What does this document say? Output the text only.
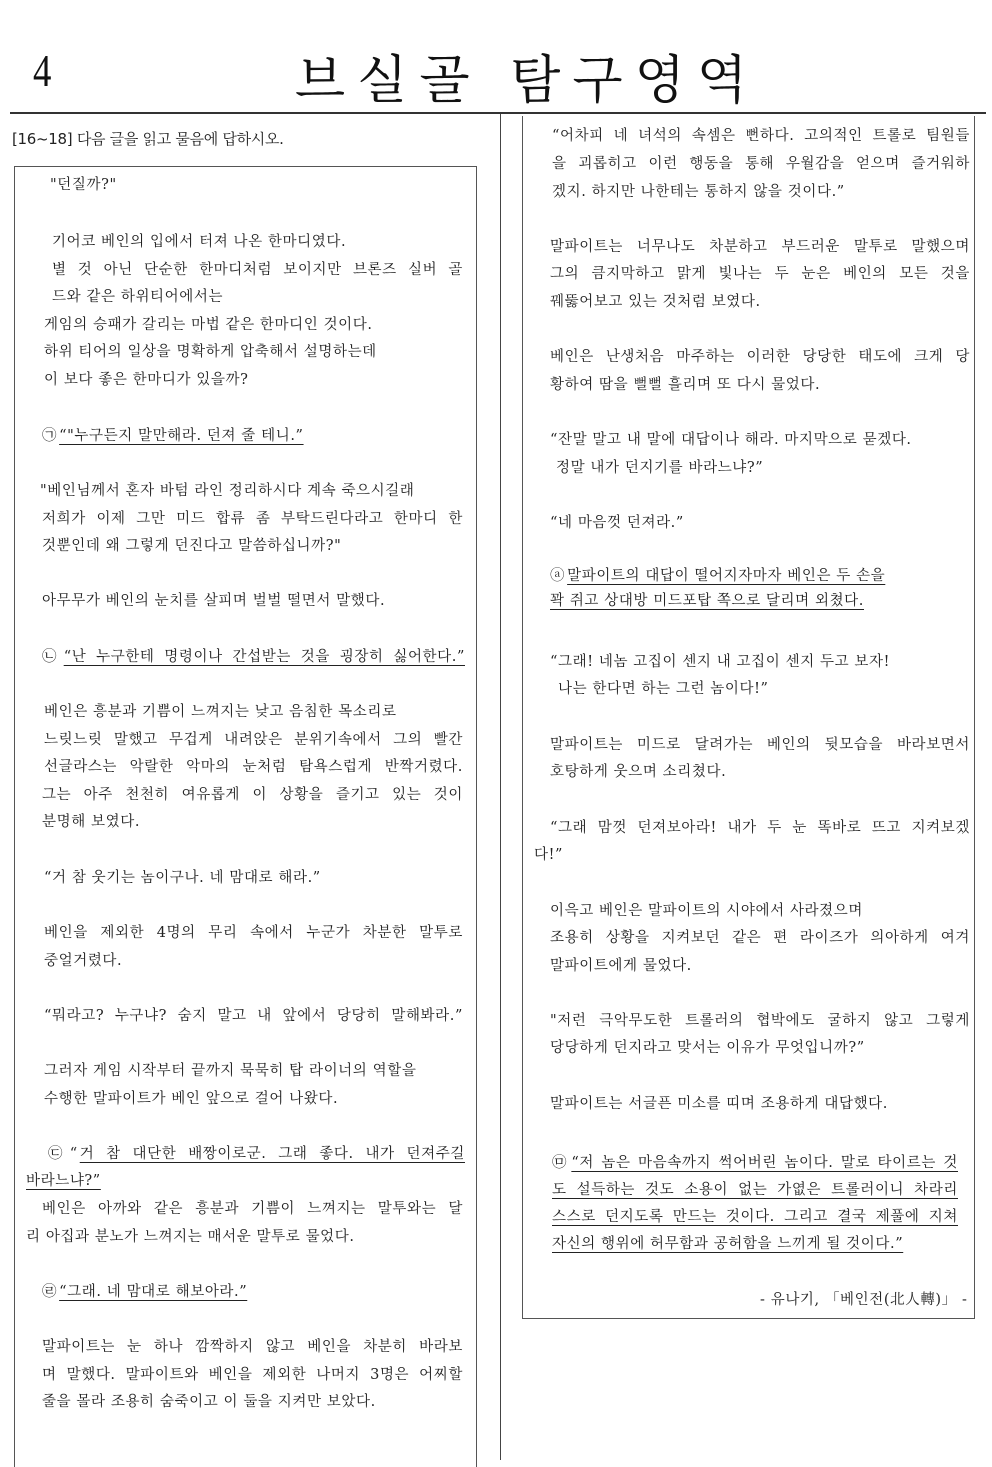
4	브실골 탐구영역
[16~18] 다음 글을 읽고 물음에 답하시오.
"던질까?"
기어코 베인의 입에서 터져 나온 한마디였다.
별 것 아닌 단순한 한마디처럼 보이지만 브론즈 실버 골
드와 같은 하위티어에서는
게임의 승패가 갈리는 마법 같은 한마디인 것이다.
하위 티어의 일상을 명확하게 압축해서 설명하는데
이 보다 좋은 한마디가 있을까?
㉠ “"누구든지 말만해라. 던져 줄 테니.”
"베인님께서 혼자 바텀 라인 정리하시다 계속 죽으시길래
저희가 이제 그만 미드 합류 좀 부탁드린다라고 한마디 한
것뿐인데 왜 그렇게 던진다고 말씀하십니까?"
아무무가 베인의 눈치를 살피며 벌벌 떨면서 말했다.
㉡ “난 누구한테 명령이나 간섭받는 것을 굉장히 싫어한다.”
베인은 흥분과 기쁨이 느껴지는 낮고 음침한 목소리로
느릿느릿 말했고 무겁게 내려앉은 분위기속에서 그의 빨간
선글라스는 악랄한 악마의 눈처럼 탐욕스럽게 반짝거렸다.
그는 아주 천천히 여유롭게 이 상황을 즐기고 있는 것이
분명해 보였다.
“거 참 웃기는 놈이구나. 네 맘대로 해라.”
베인을 제외한 4명의 무리 속에서 누군가 차분한 말투로
중얼거렸다.
“뭐라고? 누구냐? 숨지 말고 내 앞에서 당당히 말해봐라.”
그러자 게임 시작부터 끝까지 묵묵히 탑 라이너의 역할을
수행한 말파이트가 베인 앞으로 걸어 나왔다.
㉢“ 거 참 대단한 배짱이로군. 그래 좋다. 내가 던져주길
바라느냐?”
베인은 아까와 같은 흥분과 기쁨이 느껴지는 말투와는 달
리 아집과 분노가 느껴지는 매서운 말투로 물었다.
㉣ “그래. 네 맘대로 해보아라.”
말파이트는 눈 하나 깜짝하지 않고 베인을 차분히 바라보
며 말했다. 말파이트와 베인을 제외한 나머지 3명은 어찌할
줄을 몰라 조용히 숨죽이고 이 둘을 지켜만 보았다.
“어차피 네 녀석의 속셈은 뻔하다. 고의적인 트롤로 팀원들
을 괴롭히고 이런 행동을 통해 우월감을 얻으며 즐거워하
겠지. 하지만 나한테는 통하지 않을 것이다.”
말파이트는 너무나도 차분하고 부드러운 말투로 말했으며
그의 큼지막하고 맑게 빛나는 두 눈은 베인의 모든 것을
꿰뚫어보고 있는 것처럼 보였다.
베인은 난생처음 마주하는 이러한 당당한 태도에 크게 당
황하여 땀을 뻘뻘 흘리며 또 다시 물었다.
“잔말 말고 내 말에 대답이나 해라. 마지막으로 묻겠다.
정말 내가 던지기를 바라느냐?”
“네 마음껏 던져라.”
ⓐ 말파이트의 대답이 떨어지자마자 베인은 두 손을
꽉 쥐고 상대방 미드포탑 쪽으로 달리며 외쳤다.
“그래! 네놈 고집이 센지 내 고집이 센지 두고 보자!
나는 한다면 하는 그런 놈이다!”
말파이트는 미드로 달려가는 베인의 뒷모습을 바라보면서
호탕하게 웃으며 소리쳤다.
“그래 맘껏 던져보아라! 내가 두 눈 똑바로 뜨고 지켜보겠
다!”
이윽고 베인은 말파이트의 시야에서 사라졌으며
조용히 상황을 지켜보던 같은 편 라이즈가 의아하게 여겨
말파이트에게 물었다.
"저런 극악무도한 트롤러의 협박에도 굴하지 않고 그렇게
당당하게 던지라고 맞서는 이유가 무엇입니까?”
말파이트는 서글픈 미소를 띠며 조용하게 대답했다.
㉤ “저 놈은 마음속까지 썩어버린 놈이다. 말로 타이르는 것
도 설득하는 것도 소용이 없는 가엾은 트롤러이니 차라리
스스로 던지도록 만드는 것이다. 그리고 결국 제풀에 지쳐
자신의 행위에 허무함과 공허함을 느끼게 될 것이다.”
- 유나기, 「베인전(北人轉)」 -
